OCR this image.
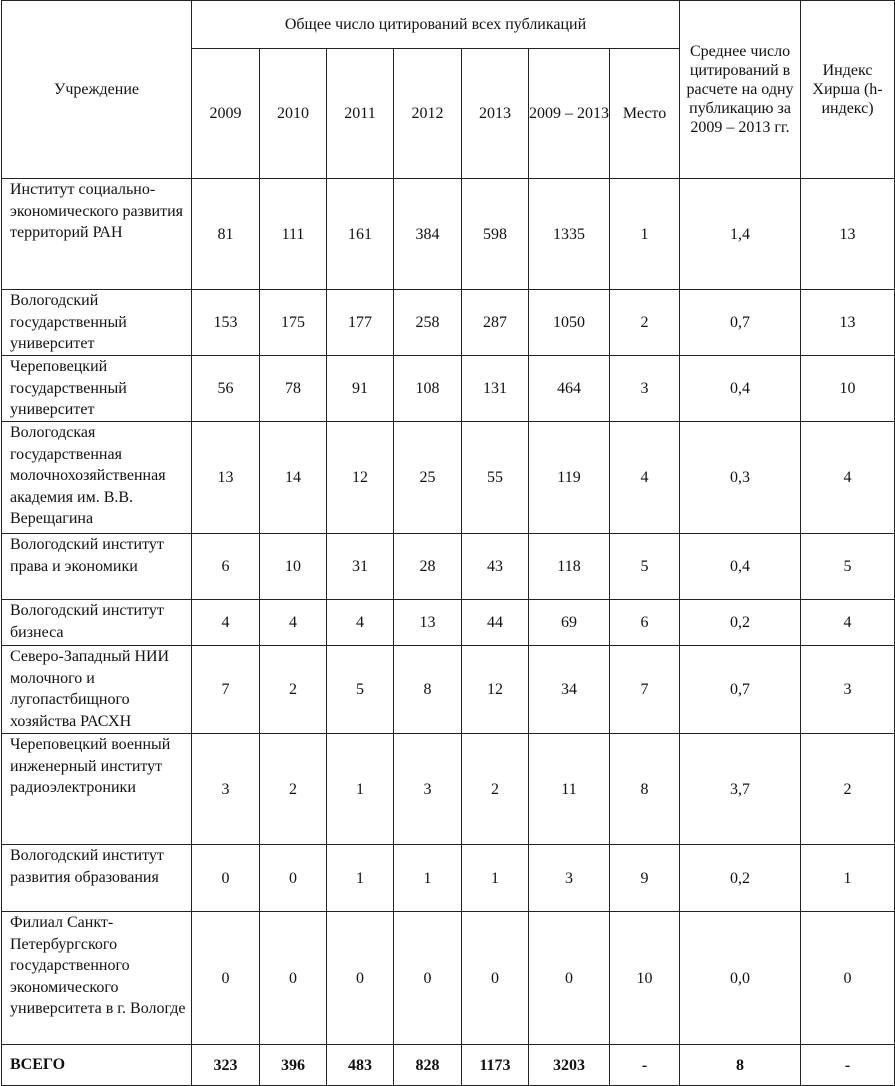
Учреждение	Общее число цитирований всех публикаций							Среднее число цитирований в расчете на одну публикацию за 2009 – 2013 гг.	Индекс Хирша (h-индекс)
	2009	2010	2011	2012	2013	2009 – 2013	Место		
Институт социально-экономического развития территорий РАН	81	111	161	384	598	1335	1	1,4	13
Вологодский государственный университет	153	175	177	258	287	1050	2	0,7	13
Череповецкий государственный университет	56	78	91	108	131	464	3	0,4	10
Вологодская государственная молочнохозяйственная академия им. В.В. Верещагина	13	14	12	25	55	119	4	0,3	4
Вологодский институт права и экономики	6	10	31	28	43	118	5	0,4	5
Вологодский институт бизнеса	4	4	4	13	44	69	6	0,2	4
Северо-Западный НИИ молочного и лугопастбищного хозяйства РАСХН	7	2	5	8	12	34	7	0,7	3
Череповецкий военный инженерный институт радиоэлектроники	3	2	1	3	2	11	8	3,7	2
Вологодский институт развития образования	0	0	1	1	1	3	9	0,2	1
Филиал Санкт-Петербургского государственного экономического университета в г. Вологде	0	0	0	0	0	0	10	0,0	0
ВСЕГО	323	396	483	828	1173	3203	-	8	-
